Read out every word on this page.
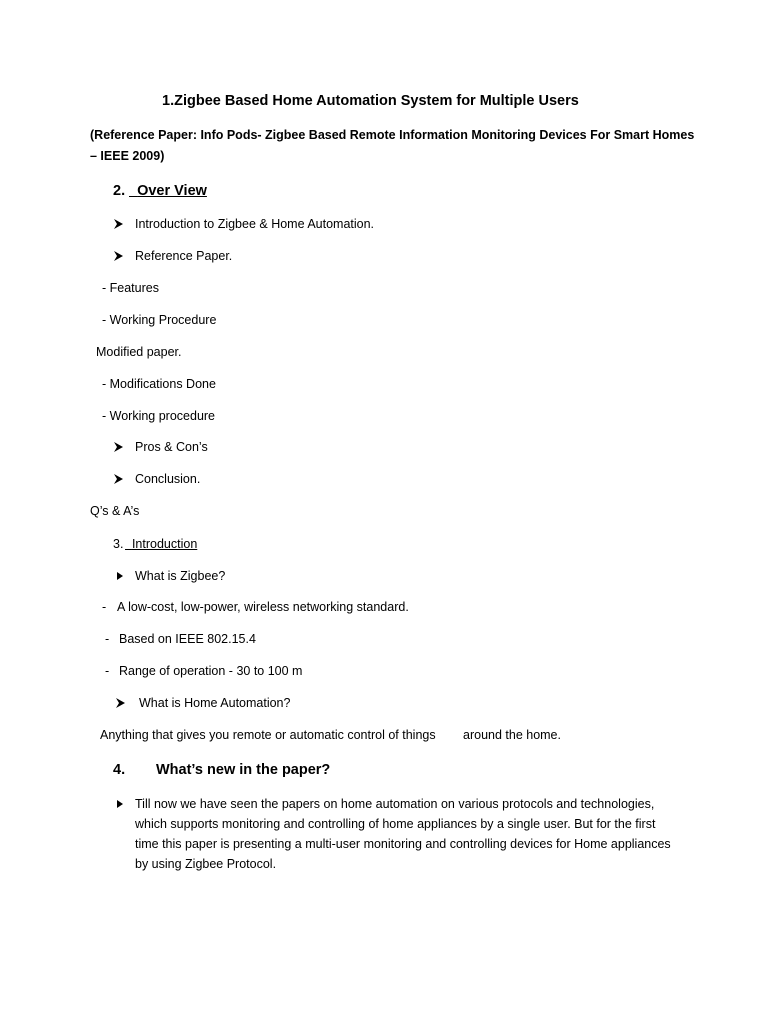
1.Zigbee Based Home Automation System for Multiple Users
(Reference Paper: Info Pods- Zigbee Based Remote Information Monitoring Devices For Smart Homes
– IEEE 2009)
2. Over View
Introduction to Zigbee & Home Automation.
Reference Paper.
- Features
- Working Procedure
Modified paper.
- Modifications Done
- Working procedure
Pros & Con’s
Conclusion.
Q’s & A’s
3. Introduction
What is Zigbee?
- A low-cost, low-power, wireless networking standard.
- Based on IEEE 802.15.4
- Range of operation - 30 to 100 m
What is Home Automation?
Anything that gives you remote or automatic control of things around the home.
4. What’s new in the paper?
Till now we have seen the papers on home automation on various protocols and technologies, which supports monitoring and controlling of home appliances by a single user. But for the first time this paper is presenting a multi-user monitoring and controlling devices for Home appliances by using Zigbee Protocol.
